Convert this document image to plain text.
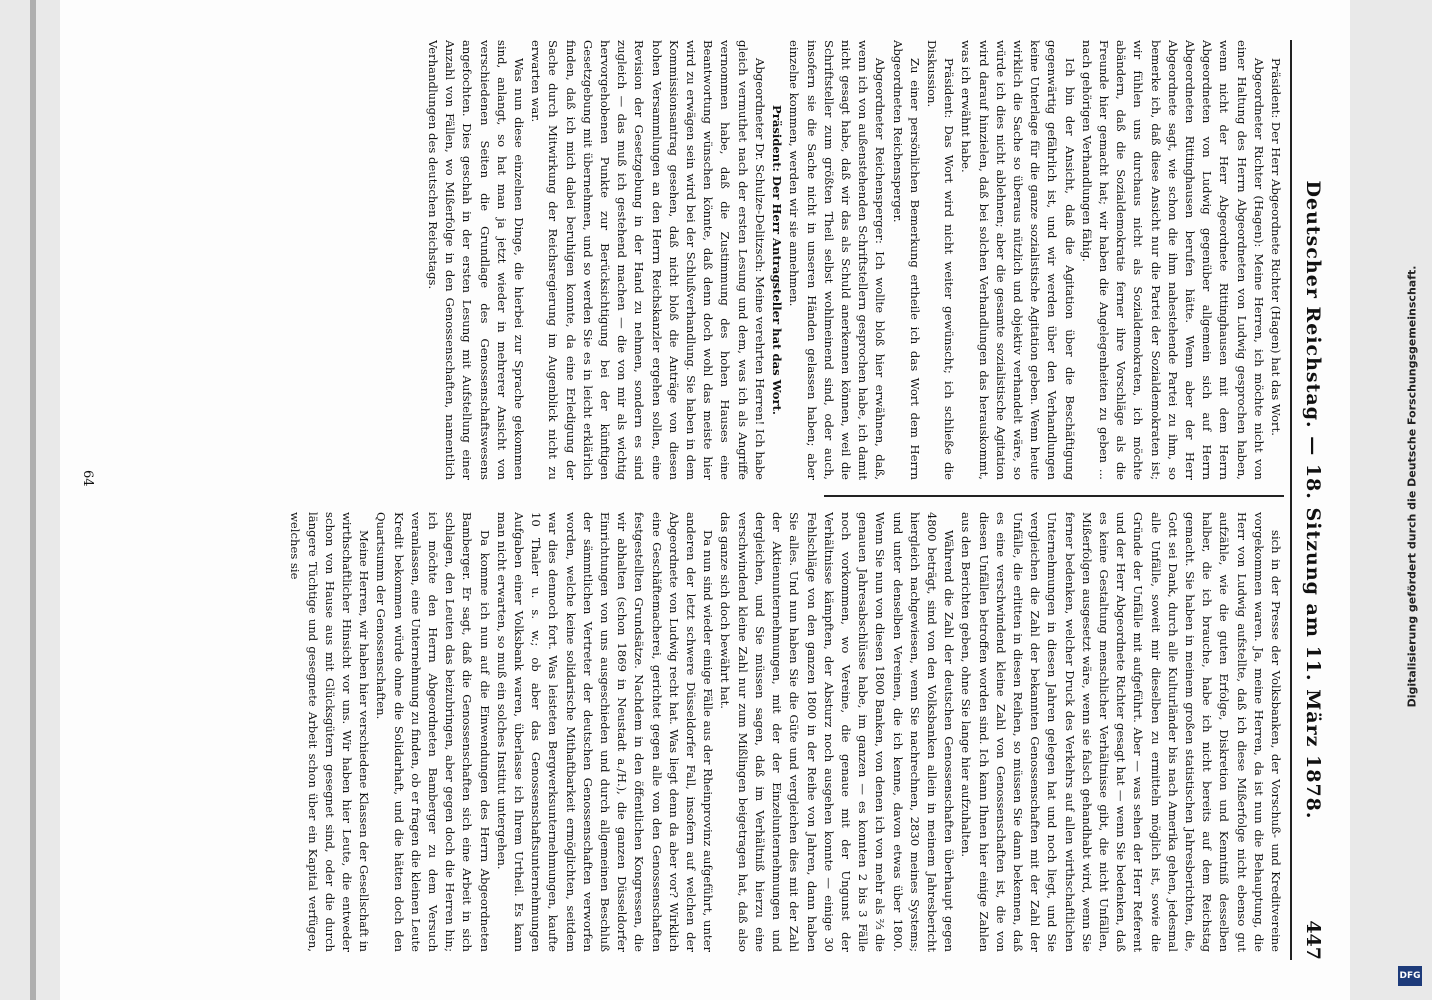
Deutscher Reichstag. — 18. Sitzung am 11. März 1878.
447

Präsident: Der Herr Abgeordnete Richter (Hagen) hat das Wort.

Abgeordneter Richter (Hagen): Meine Herren, ich möchte nicht von einer Haltung des Herrn Abgeordneten von Ludwig gesprochen haben, wenn nicht der Herr Abgeordnete Rittinghausen mit dem Herrn Abgeordneten von Ludwig gegenüber allgemein sich auf Herrn Abgeordneten Rittinghausen berufen hätte. Wenn aber der Herr Abgeordnete sagt, wie schon die ihm nahestehende Partei zu ihm, so bemerke ich, daß diese Ansicht nur die Partei der Sozialdemokraten ist; wir fühlen uns durchaus nicht als Sozialdemokraten, ich möchte abändern, daß die Sozialdemokratie ferner ihre Vorschläge als die Freunde hier gemacht hat; wir haben die Angelegenheiten zu geben ... nach gehörigen Verhandlungen fähig.

Ich bin der Ansicht, daß die Agitation über die Beschäftigung gegenwärtig gefährlich ist, und wir werden über den Verhandlungen keine Unterlage für die ganze sozialistische Agitation geben. Wenn heute wirklich die Sache so überaus nützlich und objektiv verhandelt wäre, so würde ich dies nicht ablehnen; aber die gesamte sozialistische Agitation wird darauf hinzielen, daß bei solchen Verhandlungen das herauskommt, was ich erwähnt habe.

Präsident: Das Wort wird nicht weiter gewünscht; ich schließe die Diskussion.

Zu einer persönlichen Bemerkung ertheile ich das Wort dem Herrn Abgeordneten Reichensperger.

Abgeordneter Reichensperger: Ich wollte bloß hier erwähnen, daß, wenn ich von außenstehenden Schriftstellern gesprochen habe, ich damit nicht gesagt habe, daß wir das als Schuld anerkennen können, weil die Schriftsteller zum größten Theil selbst wohlmeinend sind, oder auch, insofern sie die Sache nicht in unseren Händen gelassen haben; aber einzelne kommen, werden wir sie annehmen.

Präsident: Der Herr Antragsteller hat das Wort.

Abgeordneter Dr. Schulze-Delitzsch: Meine verehrten Herren! Ich habe gleich vermuthet nach der ersten Lesung und dem, was ich als Angriffe vernommen habe, daß die Zustimmung des hohen Hauses eine Beantwortung wünschen könnte, daß denn doch wohl das meiste hier wird zu erwägen sein wird bei der Schlußverhandlung. Sie haben in dem Kommissionsantrag gesehen, daß nicht bloß die Anträge von diesen hohen Versammlungen an den Herrn Reichskanzler ergehen sollen, eine Revision der Gesetzgebung in der Hand zu nehmen, sondern es sind zugleich — das muß ich gestehend machen — die von mir als wichtig hervorgehobenen Punkte zur Berücksichtigung bei der künftigen Gesetzgebung mit übernehmen, und so werden Sie es in leicht erklärlich finden, daß ich mich dabei beruhigen konnte, da eine Erledigung der Sache durch Mitwirkung der Reichsregierung im Augenblick nicht zu erwarten war.

Was nun diese einzelnen Dinge, die hierbei zur Sprache gekommen sind, anlangt, so hat man ja jetzt wieder in mehrerer Ansicht von verschiedenen Seiten die Grundlage des Genossenschaftswesens angefochten. Dies geschah in der ersten Lesung mit Aufstellung einer Anzahl von Fällen, wo Mißerfolge in den Genossenschaften, namentlich Verhandlungen des deutschen Reichstags.

sich in der Presse der Volksbanken, der Vorschuß- und Kreditvereine vorgekommen waren. Ja, meine Herren, da ist nun die Behauptung, die Herr von Ludwig aufstellte, daß ich diese Mißerfolge nicht ebenso gut aufzähle, wie die guten Erfolge, Diskretion und Kenntniß desselben halber, die ich brauche, habe ich nicht bereits auf dem Reichstag gemacht. Sie haben in meinem großen statistischen Jahresberichten, die, Gott sei Dank, durch alle Kulturländer bis nach Amerika gehen, jedesmal alle Unfälle, soweit mir dieselben zu ermitteln möglich ist, sowie die Gründe der Unfälle mit aufgeführt. Aber — was sehen der Herr Referent und der Herr Abgeordnete Richter gesagt hat — wenn Sie bedenken, daß es keine Gestaltung menschlicher Verhältnisse gibt, die nicht Unfällen, Mißerfolgen ausgesetzt wäre, wenn sie falsch gehandhabt wird, wenn Sie ferner bedenken, welcher Druck des Verkehrs auf allen wirthschaftlichen Unternehmungen in diesen Jahren gelegen hat und noch liegt, und Sie vergleichen die Zahl der bekannten Genossenschaften mit der Zahl der Unfälle, die erlitten in diesen Reihen, so müssen Sie dann bekennen, daß es eine verschwindend kleine Zahl von Genossenschaften ist, die von diesen Unfällen betroffen worden sind. Ich kann Ihnen hier einige Zahlen aus den Berichten geben, ohne Sie lange hier aufzuhalten.

Während die Zahl der deutschen Genossenschaften überhaupt gegen 4800 beträgt, sind von den Volksbanken allein in meinem Jahresbericht hiergleich nachgewiesen, wenn Sie nachrechnen, 2830 meines Systems; und unter denselben Vereinen, die ich kenne, davon etwas über 1800. Wenn Sie nun von diesen 1800 Banken, von denen ich von mehr als ⅔ die genauen Jahresabschlüsse habe, im ganzen — es konnten 2 bis 3 Fälle noch vorkommen, wo Vereine, die genaue mit der Ungunst der Verhältnisse kämpften, der Absturz noch ausgehen konnte — einige 30 Fehlschläge von den ganzen 1800 in der Reihe von Jahren, dann haben Sie alles. Und nun haben Sie die Güte und vergleichen dies mit der Zahl der Aktienunternehmungen, mit der der Einzelunternehmungen und dergleichen, und Sie müssen sagen, daß im Verhältniß hierzu eine verschwindend kleine Zahl nur zum Mißlingen beigetragen hat, daß also das ganze sich doch bewährt hat.

Da nun sind wieder einige Fälle aus der Rheinprovinz aufgeführt, unter anderen der letzt schwere Düsseldorfer Fall, insofern auf welchen der Abgeordnete von Ludwig recht hat. Was liegt denn da aber vor? Wirklich eine Geschäftemacherei, gerichtet gegen alle von den Genossenschaften festgestellten Grundsätze. Nachdem in den öffentlichen Kongressen, die wir abhalten (schon 1869 in Neustadt a./H.), die ganzen Düsseldorfer Einrichtungen von uns ausgeschieden und durch allgemeinen Beschluß der sämmtlichen Vertreter der deutschen Genossenschaften verworfen worden, welche keine solidarische Mithaftbarkeit ermöglichten, seitdem war dies dennoch fort. Was leisteten Bergwerksunternehmungen, kaufte 10 Thaler u. s. w.; ob aber das Genossenschaftsunternehmungen Aufgaben einer Volksbank waren, überlasse ich Ihrem Urtheil. Es kann man nicht erwarten, so muß ein solches Institut untergehen.

Da komme ich nun auf die Einwendungen des Herrn Abgeordneten Bamberger. Er sagt, daß die Genossenschaften sich eine Arbeit in sich schlagen, den Leuten das beizubringen, aber gegen doch die Herren hin; ich möchte den Herrn Abgeordneten Bamberger zu dem Versuch veranlassen, eine Unternehmung zu finden, ob er fragen die kleinen Leute Kredit bekommen würde ohne die Solidarhaft, und die hätten doch den Quartsumm der Genossenschaften.

Meine Herren, wir haben hier verschiedene Klassen der Gesellschaft in wirthschaftlicher Hinsicht vor uns. Wir haben hier Leute, die entweder schon von Hause aus mit Glücksgütern gesegnet sind, oder die durch längere Tüchtige und gesegnete Arbeit schon über ein Kapital verfügen, welches sie

64	Digitalisierung gefördert durch die Deutsche Forschungsgemeinschaft.
DFG
